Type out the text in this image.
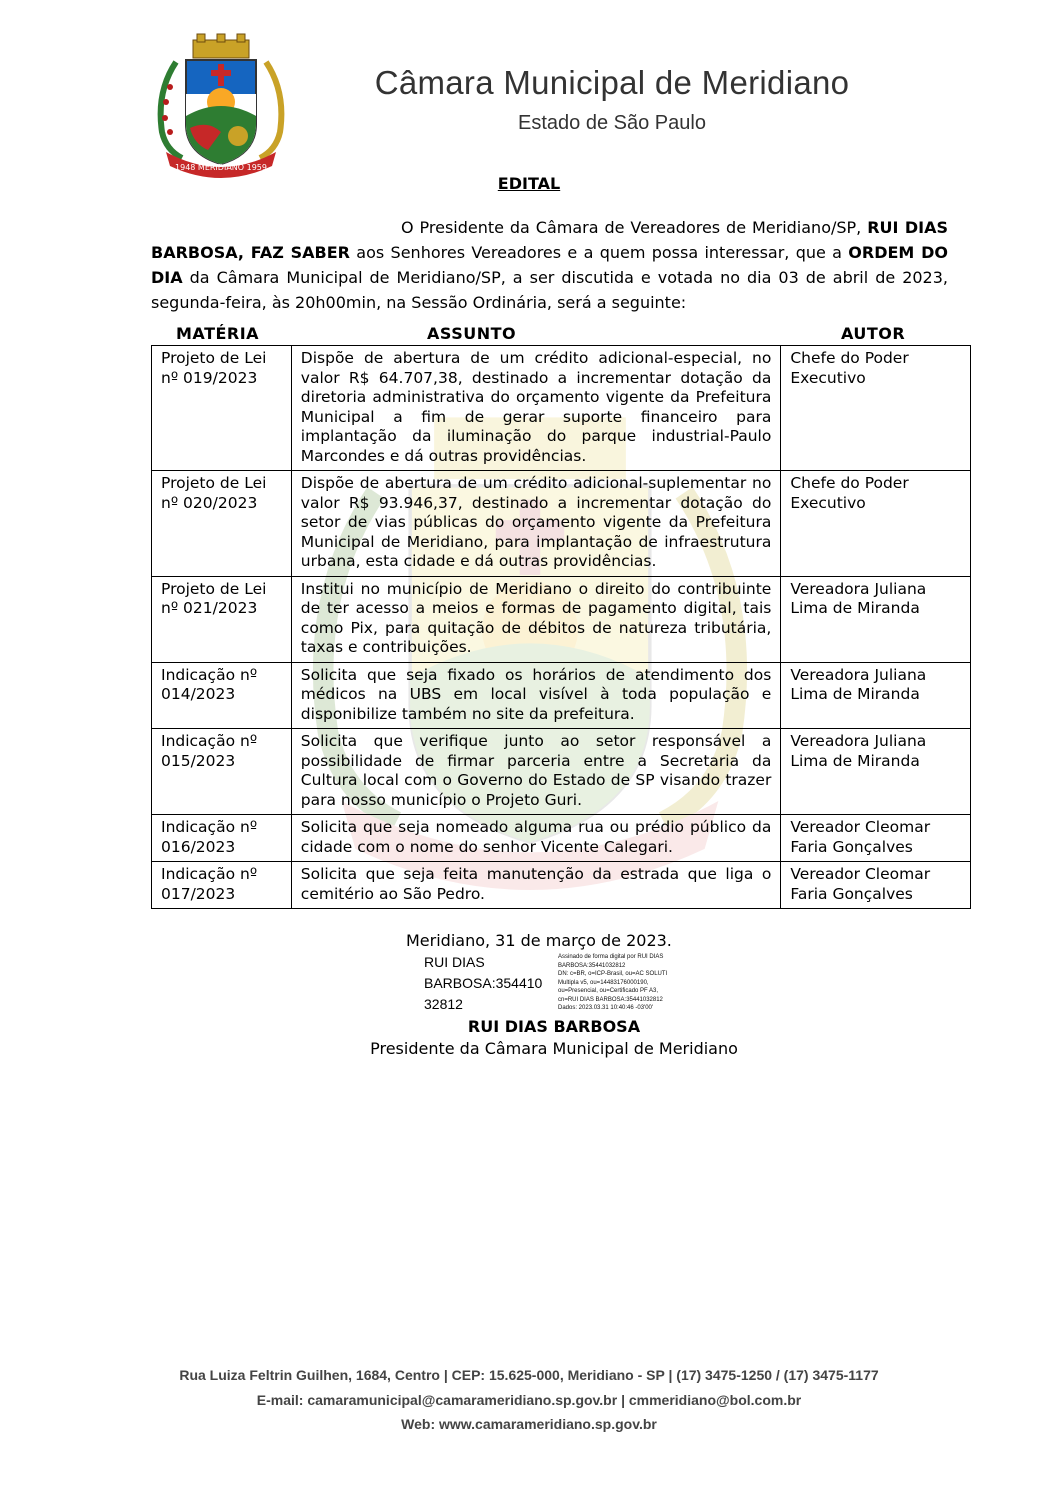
1948 MERIDIANO 1959
Câmara Municipal de Meridiano
Estado de São Paulo
EDITAL
O Presidente da Câmara de Vereadores de Meridiano/SP, RUI DIAS BARBOSA, FAZ SABER aos Senhores Vereadores e a quem possa interessar, que a ORDEM DO DIA da Câmara Municipal de Meridiano/SP, a ser discutida e votada no dia 03 de abril de 2023, segunda-feira, às 20h00min, na Sessão Ordinária, será a seguinte:
MATÉRIA	ASSUNTO	AUTOR
Projeto de Lei nº 019/2023	Dispõe de abertura de um crédito adicional-especial, no valor R$ 64.707,38, destinado a incrementar dotação da diretoria administrativa do orçamento vigente da Prefeitura Municipal a fim de gerar suporte financeiro para implantação da iluminação do parque industrial-Paulo Marcondes e dá outras providências.	Chefe do Poder Executivo
Projeto de Lei nº 020/2023	Dispõe de abertura de um crédito adicional-suplementar no valor R$ 93.946,37, destinado a incrementar dotação do setor de vias públicas do orçamento vigente da Prefeitura Municipal de Meridiano, para implantação de infraestrutura urbana, esta cidade e dá outras providências.	Chefe do Poder Executivo
Projeto de Lei nº 021/2023	Institui no município de Meridiano o direito do contribuinte de ter acesso a meios e formas de pagamento digital, tais como Pix, para quitação de débitos de natureza tributária, taxas e contribuições.	Vereadora Juliana Lima de Miranda
Indicação nº 014/2023	Solicita que seja fixado os horários de atendimento dos médicos na UBS em local visível à toda população e disponibilize também no site da prefeitura.	Vereadora Juliana Lima de Miranda
Indicação nº 015/2023	Solicita que verifique junto ao setor responsável a possibilidade de firmar parceria entre a Secretaria da Cultura local com o Governo do Estado de SP visando trazer para nosso município o Projeto Guri.	Vereadora Juliana Lima de Miranda
Indicação nº 016/2023	Solicita que seja nomeado alguma rua ou prédio público da cidade com o nome do senhor Vicente Calegari.	Vereador Cleomar Faria Gonçalves
Indicação nº 017/2023	Solicita que seja feita manutenção da estrada que liga o cemitério ao São Pedro.	Vereador Cleomar Faria Gonçalves
Meridiano, 31 de março de 2023.
RUI DIAS
BARBOSA:354410
32812
Assinado de forma digital por RUI DIAS
BARBOSA:35441032812
DN: c=BR, o=ICP-Brasil, ou=AC SOLUTI
Multipla v5, ou=14483176000190,
ou=Presencial, ou=Certificado PF A3,
cn=RUI DIAS BARBOSA:35441032812
Dados: 2023.03.31 10:40:46 -03'00'
RUI DIAS BARBOSA
Presidente da Câmara Municipal de Meridiano
Rua Luiza Feltrin Guilhen, 1684, Centro | CEP: 15.625-000, Meridiano - SP | (17) 3475-1250 / (17) 3475-1177
E-mail: camaramunicipal@camarameridiano.sp.gov.br | cmmeridiano@bol.com.br
Web: www.camarameridiano.sp.gov.br
